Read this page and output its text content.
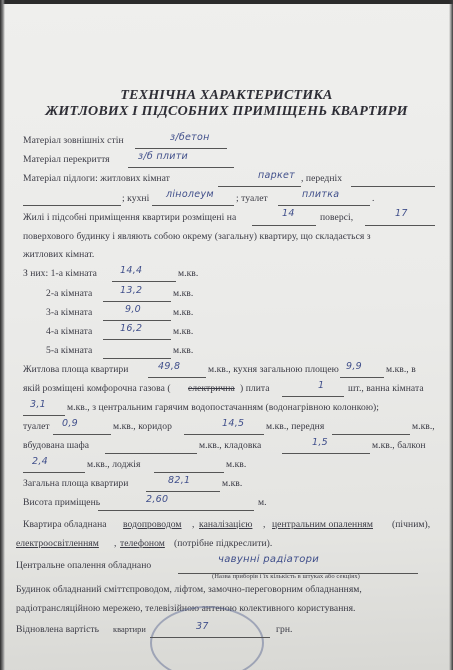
ТЕХНІЧНА ХАРАКТЕРИСТИКА
ЖИТЛОВИХ І ПІДСОБНИХ ПРИМІЩЕНЬ КВАРТИРИ
Матеріал зовнішніх стін	з/бетон
Матеріал перекриття	з/б плити
Матеріал підлоги: житлових кімнат	паркет , передніх
; кухні лінолеум ; туалет	плитка	.
Жилі і підсобні приміщення квартири розміщені на	14	поверсі,	17
поверхового будинку і являють собою окрему (загальну) квартиру, що складається з
житлових кімнат.
З них: 1-а кімната 14,4	м.кв.
2-а кімната	13,2	м.кв.
3-а кімната	9,0	м.кв.
4-а кімната	16,2	м.кв.
5-а кімната	м.кв.
Житлова площа квартири	49,8	м.кв., кухня загальною площею 9,9 м.кв., в
якій розміщені комфорочна газова ( електрична ) плита	1 шт., ванна кімната
3,1 м.кв., з центральним гарячим водопостачанням (водонагрівною колонкою);
туалет 0,9	м.кв., коридор	14,5 м.кв., передня	м.кв.,
вбудована шафа	м.кв., кладовка	1,5	м.кв., балкон
2,4	м.кв., лоджія	м.кв.
Загальна площа квартири	82,1	м.кв.
Висота приміщень	2,60	м.
Квартира обладнана водопроводом , каналізацією , центральним опаленням (пічним),
електроосвітленням , телефоном (потрібне підкреслити).
Центральне опалення обладнано
чавунні радіатори
(Назва приборів і їх кількість в штуках або секціях)
Будинок обладнаний сміттєпроводом, ліфтом, замочно-переговорним обладнанням,
радіотрансляційною мережею, телевізійною антеною колективного користування.
Відновлена вартість квартири	37	грн.
